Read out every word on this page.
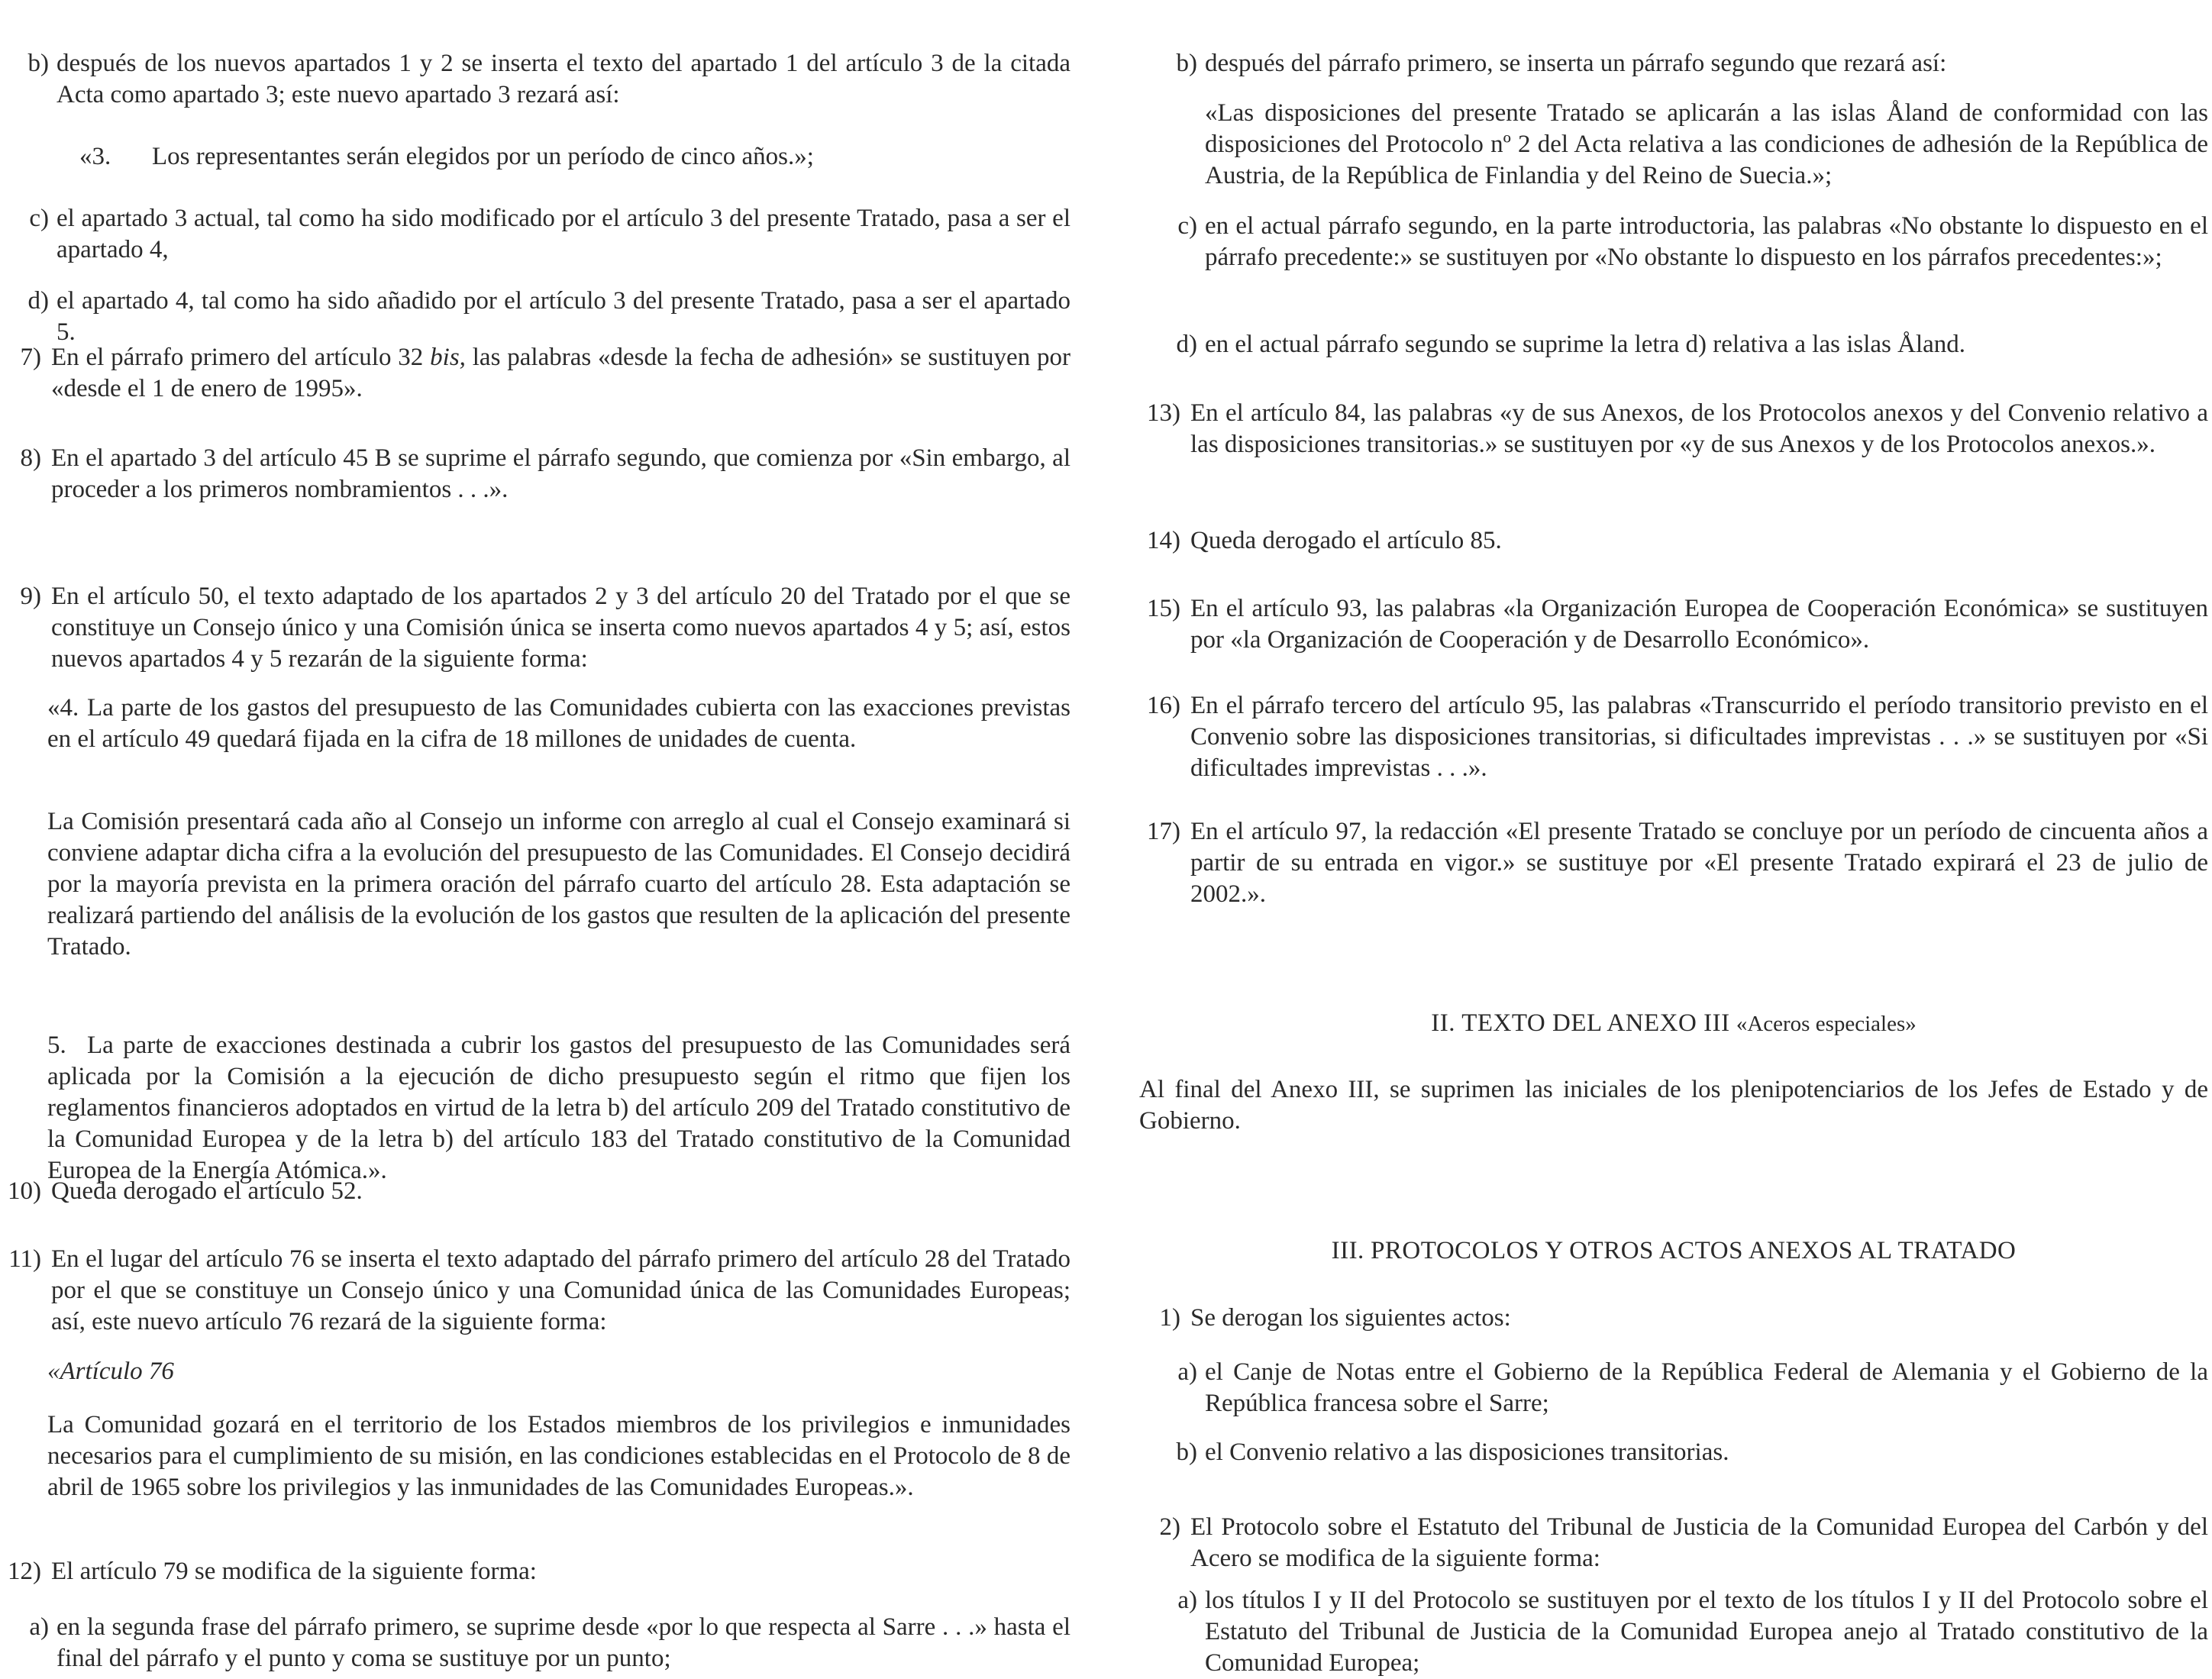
b) después de los nuevos apartados 1 y 2 se inserta el texto del apartado 1 del artículo 3 de la citada Acta como apartado 3; este nuevo apartado 3 rezará así:

«3.	Los representantes serán elegidos por un período de cinco años.»;

c) el apartado 3 actual, tal como ha sido modificado por el artículo 3 del presente Tratado, pasa a ser el apartado 4,

d) el apartado 4, tal como ha sido añadido por el artículo 3 del presente Tratado, pasa a ser el apartado 5.

7) En el párrafo primero del artículo 32 bis, las palabras «desde la fecha de adhesión» se sustituyen por «desde el 1 de enero de 1995».

8) En el apartado 3 del artículo 45 B se suprime el párrafo segundo, que comienza por «Sin embargo, al proceder a los primeros nombramientos . . .».

9) En el artículo 50, el texto adaptado de los apartados 2 y 3 del artículo 20 del Tratado por el que se constituye un Consejo único y una Comisión única se inserta como nuevos apartados 4 y 5; así, estos nuevos apartados 4 y 5 rezarán de la siguiente forma:

«4. La parte de los gastos del presupuesto de las Comunidades cubierta con las exacciones previstas en el artículo 49 quedará fijada en la cifra de 18 millones de unidades de cuenta.

La Comisión presentará cada año al Consejo un informe con arreglo al cual el Consejo examinará si conviene adaptar dicha cifra a la evolución del presupuesto de las Comunidades. El Consejo decidirá por la mayoría prevista en la primera oración del párrafo cuarto del artículo 28. Esta adaptación se realizará partiendo del análisis de la evolución de los gastos que resulten de la aplicación del presente Tratado.

5. La parte de exacciones destinada a cubrir los gastos del presupuesto de las Comunidades será aplicada por la Comisión a la ejecución de dicho presupuesto según el ritmo que fijen los reglamentos financieros adoptados en virtud de la letra b) del artículo 209 del Tratado constitutivo de la Comunidad Europea y de la letra b) del artículo 183 del Tratado constitutivo de la Comunidad Europea de la Energía Atómica.».

10) Queda derogado el artículo 52.

11) En el lugar del artículo 76 se inserta el texto adaptado del párrafo primero del artículo 28 del Tratado por el que se constituye un Consejo único y una Comunidad única de las Comunidades Europeas; así, este nuevo artículo 76 rezará de la siguiente forma:

«Artículo 76

La Comunidad gozará en el territorio de los Estados miembros de los privilegios e inmunidades necesarios para el cumplimiento de su misión, en las condiciones establecidas en el Protocolo de 8 de abril de 1965 sobre los privilegios y las inmunidades de las Comunidades Europeas.».

12) El artículo 79 se modifica de la siguiente forma:

a) en la segunda frase del párrafo primero, se suprime desde «por lo que respecta al Sarre . . .» hasta el final del párrafo y el punto y coma se sustituye por un punto;

b) después del párrafo primero, se inserta un párrafo segundo que rezará así:

«Las disposiciones del presente Tratado se aplicarán a las islas Åland de conformidad con las disposiciones del Protocolo nº 2 del Acta relativa a las condiciones de adhesión de la República de Austria, de la República de Finlandia y del Reino de Suecia.»;

c) en el actual párrafo segundo, en la parte introductoria, las palabras «No obstante lo dispuesto en el párrafo precedente:» se sustituyen por «No obstante lo dispuesto en los párrafos precedentes:»;

d) en el actual párrafo segundo se suprime la letra d) relativa a las islas Åland.

13) En el artículo 84, las palabras «y de sus Anexos, de los Protocolos anexos y del Convenio relativo a las disposiciones transitorias.» se sustituyen por «y de sus Anexos y de los Protocolos anexos.».

14) Queda derogado el artículo 85.

15) En el artículo 93, las palabras «la Organización Europea de Cooperación Económica» se sustituyen por «la Organización de Cooperación y de Desarrollo Económico».

16) En el párrafo tercero del artículo 95, las palabras «Transcurrido el período transitorio previsto en el Convenio sobre las disposiciones transitorias, si dificultades imprevistas . . .» se sustituyen por «Si dificultades imprevistas . . .».

17) En el artículo 97, la redacción «El presente Tratado se concluye por un período de cincuenta años a partir de su entrada en vigor.» se sustituye por «El presente Tratado expirará el 23 de julio de 2002.».

II. TEXTO DEL ANEXO III «Aceros especiales»

Al final del Anexo III, se suprimen las iniciales de los plenipotenciarios de los Jefes de Estado y de Gobierno.

III. PROTOCOLOS Y OTROS ACTOS ANEXOS AL TRATADO
1) Se derogan los siguientes actos:

a) el Canje de Notas entre el Gobierno de la República Federal de Alemania y el Gobierno de la República francesa sobre el Sarre;

b) el Convenio relativo a las disposiciones transitorias.

2) El Protocolo sobre el Estatuto del Tribunal de Justicia de la Comunidad Europea del Carbón y del Acero se modifica de la siguiente forma:

a) los títulos I y II del Protocolo se sustituyen por el texto de los títulos I y II del Protocolo sobre el Estatuto del Tribunal de Justicia de la Comunidad Europea anejo al Tratado constitutivo de la Comunidad Europea;
